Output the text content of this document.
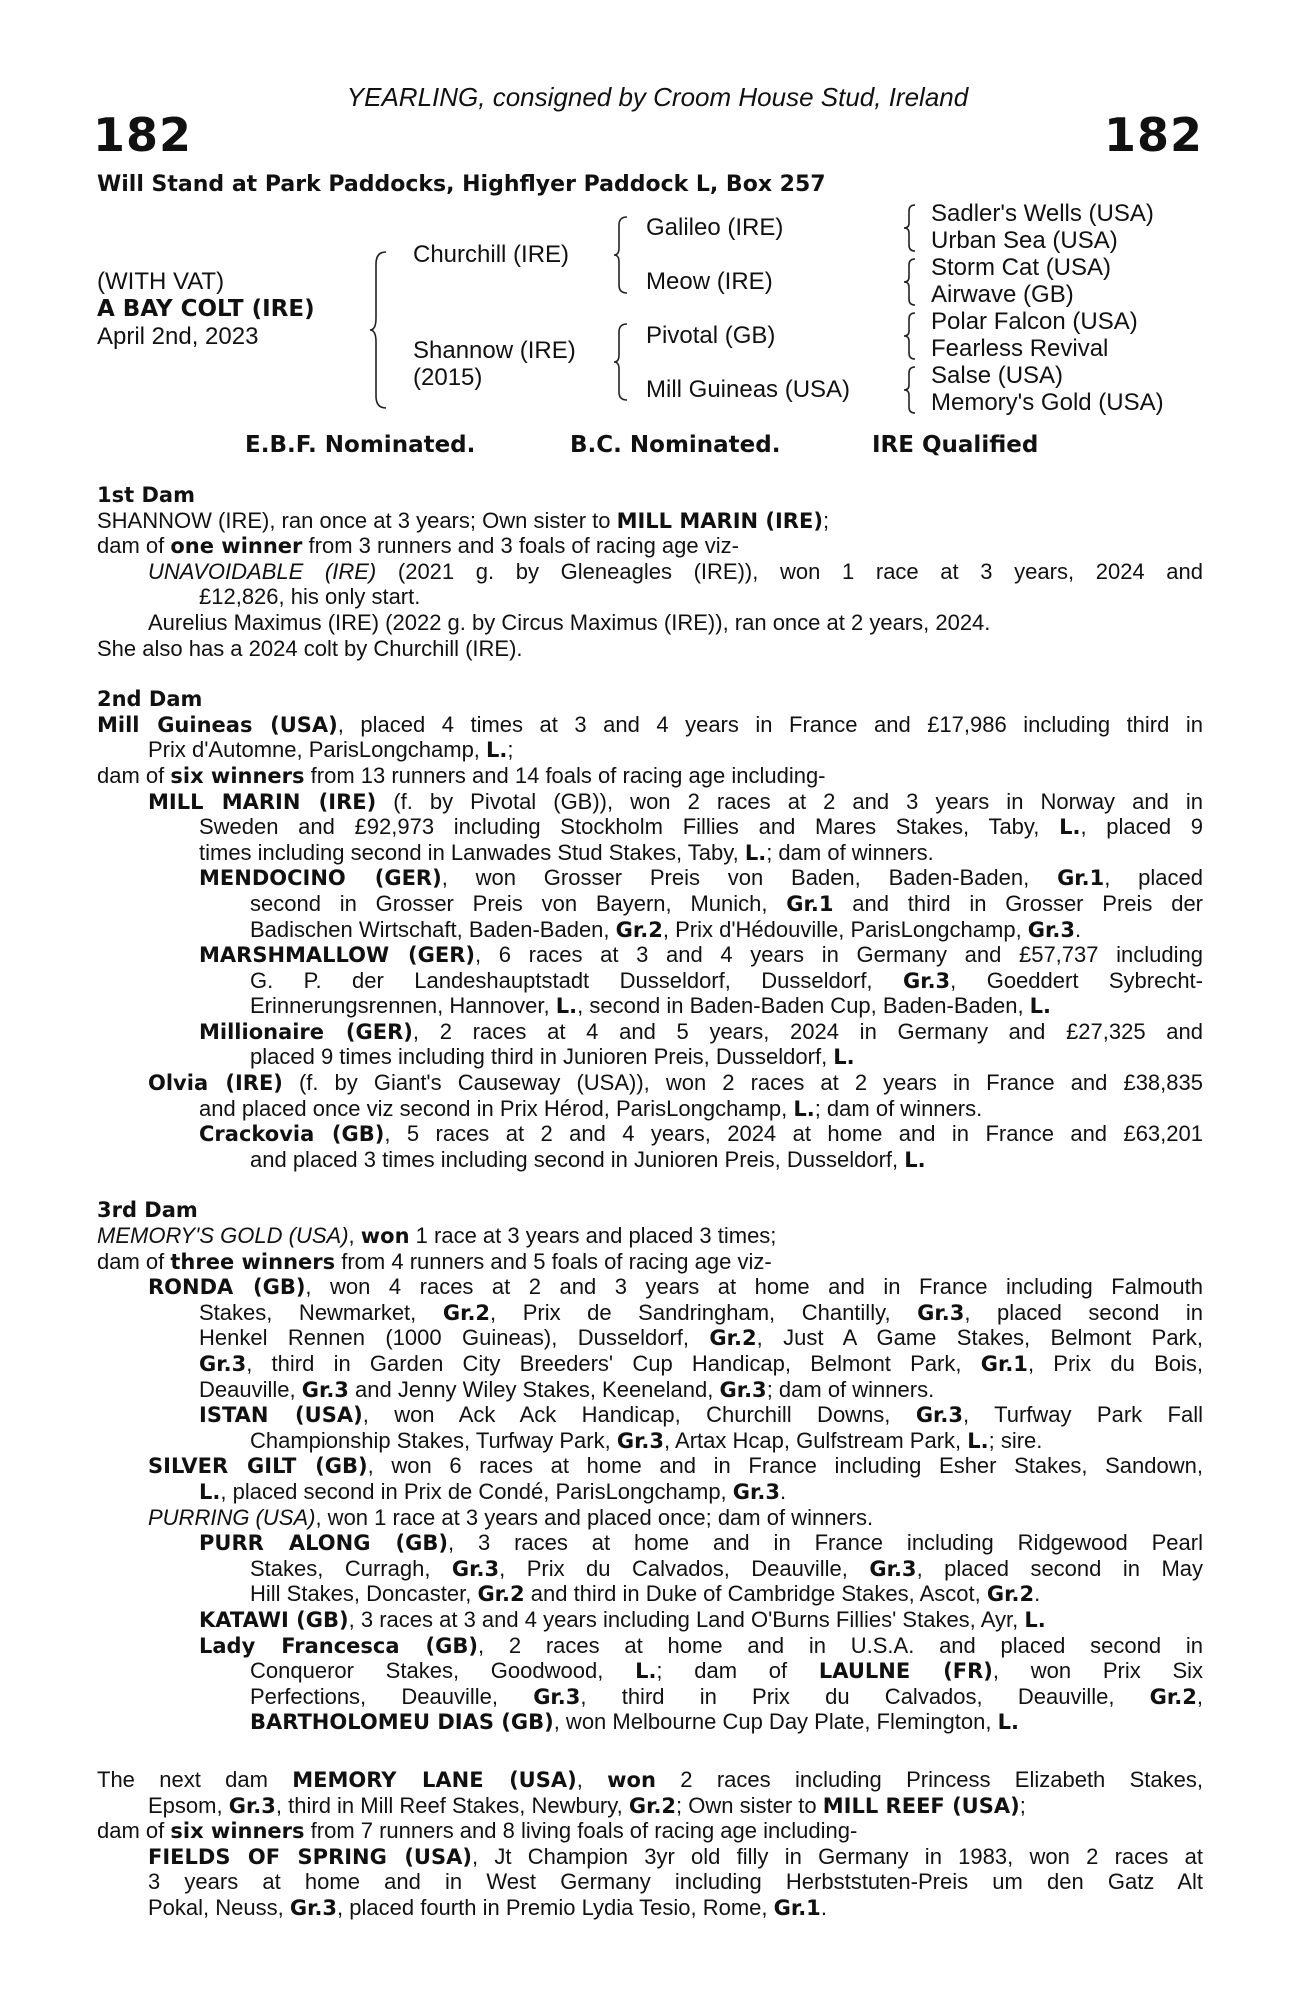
YEARLING, consigned by Croom House Stud, Ireland
182	182
Will Stand at Park Paddocks, Highflyer Paddock L, Box 257
(WITH VAT)
A BAY COLT (IRE)
April 2nd, 2023
Churchill (IRE)
Shannow (IRE)
(2015)
Galileo (IRE)
Meow (IRE)
Pivotal (GB)
Mill Guineas (USA)
Sadler's Wells (USA)
Urban Sea (USA)
Storm Cat (USA)
Airwave (GB)
Polar Falcon (USA)
Fearless Revival
Salse (USA)
Memory's Gold (USA)
E.B.F. Nominated.	B.C. Nominated.	IRE Qualified
1st Dam
SHANNOW (IRE), ran once at 3 years; Own sister to MILL MARIN (IRE);
dam of one winner from 3 runners and 3 foals of racing age viz-
UNAVOIDABLE (IRE) (2021 g. by Gleneagles (IRE)), won 1 race at 3 years, 2024 and
£12,826, his only start.
Aurelius Maximus (IRE) (2022 g. by Circus Maximus (IRE)), ran once at 2 years, 2024.
She also has a 2024 colt by Churchill (IRE).
2nd Dam
Mill Guineas (USA), placed 4 times at 3 and 4 years in France and £17,986 including third in
Prix d'Automne, ParisLongchamp, L.;
dam of six winners from 13 runners and 14 foals of racing age including-
MILL MARIN (IRE) (f. by Pivotal (GB)), won 2 races at 2 and 3 years in Norway and in
Sweden and £92,973 including Stockholm Fillies and Mares Stakes, Taby, L., placed 9
times including second in Lanwades Stud Stakes, Taby, L.; dam of winners.
MENDOCINO (GER), won Grosser Preis von Baden, Baden-Baden, Gr.1, placed
second in Grosser Preis von Bayern, Munich, Gr.1 and third in Grosser Preis der
Badischen Wirtschaft, Baden-Baden, Gr.2, Prix d'Hédouville, ParisLongchamp, Gr.3.
MARSHMALLOW (GER), 6 races at 3 and 4 years in Germany and £57,737 including
G. P. der Landeshauptstadt Dusseldorf, Dusseldorf, Gr.3, Goeddert Sybrecht-
Erinnerungsrennen, Hannover, L., second in Baden-Baden Cup, Baden-Baden, L.
Millionaire (GER), 2 races at 4 and 5 years, 2024 in Germany and £27,325 and
placed 9 times including third in Junioren Preis, Dusseldorf, L.
Olvia (IRE) (f. by Giant's Causeway (USA)), won 2 races at 2 years in France and £38,835
and placed once viz second in Prix Hérod, ParisLongchamp, L.; dam of winners.
Crackovia (GB), 5 races at 2 and 4 years, 2024 at home and in France and £63,201
and placed 3 times including second in Junioren Preis, Dusseldorf, L.
3rd Dam
MEMORY'S GOLD (USA), won 1 race at 3 years and placed 3 times;
dam of three winners from 4 runners and 5 foals of racing age viz-
RONDA (GB), won 4 races at 2 and 3 years at home and in France including Falmouth
Stakes, Newmarket, Gr.2, Prix de Sandringham, Chantilly, Gr.3, placed second in
Henkel Rennen (1000 Guineas), Dusseldorf, Gr.2, Just A Game Stakes, Belmont Park,
Gr.3, third in Garden City Breeders' Cup Handicap, Belmont Park, Gr.1, Prix du Bois,
Deauville, Gr.3 and Jenny Wiley Stakes, Keeneland, Gr.3; dam of winners.
ISTAN (USA), won Ack Ack Handicap, Churchill Downs, Gr.3, Turfway Park Fall
Championship Stakes, Turfway Park, Gr.3, Artax Hcap, Gulfstream Park, L.; sire.
SILVER GILT (GB), won 6 races at home and in France including Esher Stakes, Sandown,
L., placed second in Prix de Condé, ParisLongchamp, Gr.3.
PURRING (USA), won 1 race at 3 years and placed once; dam of winners.
PURR ALONG (GB), 3 races at home and in France including Ridgewood Pearl
Stakes, Curragh, Gr.3, Prix du Calvados, Deauville, Gr.3, placed second in May
Hill Stakes, Doncaster, Gr.2 and third in Duke of Cambridge Stakes, Ascot, Gr.2.
KATAWI (GB), 3 races at 3 and 4 years including Land O'Burns Fillies' Stakes, Ayr, L.
Lady Francesca (GB), 2 races at home and in U.S.A. and placed second in
Conqueror Stakes, Goodwood, L.; dam of LAULNE (FR), won Prix Six
Perfections, Deauville, Gr.3, third in Prix du Calvados, Deauville, Gr.2,
BARTHOLOMEU DIAS (GB), won Melbourne Cup Day Plate, Flemington, L.
The next dam MEMORY LANE (USA), won 2 races including Princess Elizabeth Stakes,
Epsom, Gr.3, third in Mill Reef Stakes, Newbury, Gr.2; Own sister to MILL REEF (USA);
dam of six winners from 7 runners and 8 living foals of racing age including-
FIELDS OF SPRING (USA), Jt Champion 3yr old filly in Germany in 1983, won 2 races at
3 years at home and in West Germany including Herbststuten-Preis um den Gatz Alt
Pokal, Neuss, Gr.3, placed fourth in Premio Lydia Tesio, Rome, Gr.1.
